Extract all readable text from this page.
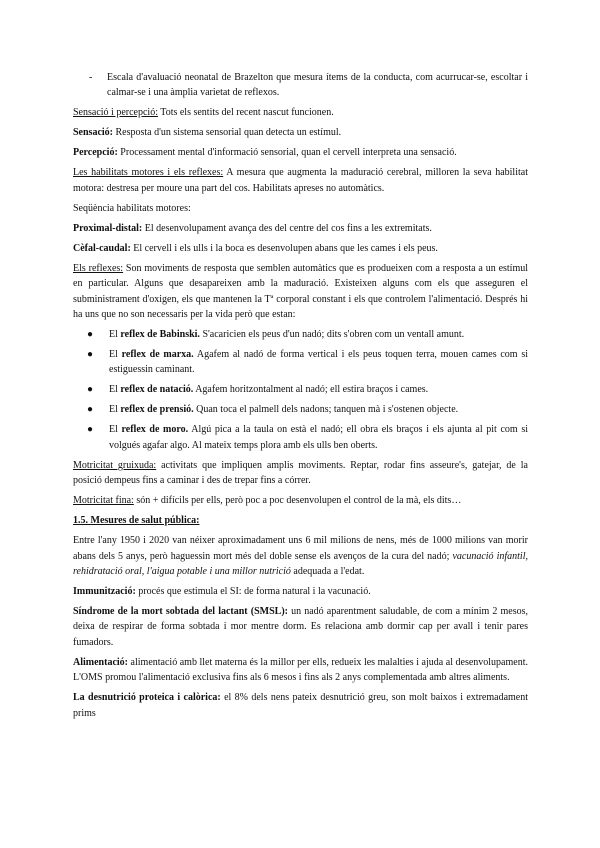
- Escala d'avaluació neonatal de Brazelton que mesura ítems de la conducta, com acurrucar-se, escoltar i calmar-se i una àmplia varietat de reflexos.

Sensació i percepció: Tots els sentits del recent nascut funcionen.

Sensació: Resposta d'un sistema sensorial quan detecta un estímul.

Percepció: Processament mental d'informació sensorial, quan el cervell interpreta una sensació.

Les habilitats motores i els reflexes: A mesura que augmenta la maduració cerebral, milloren la seva habilitat motora: destresa per moure una part del cos. Habilitats apreses no automàtics.

Seqüència habilitats motores:

Proximal-distal: El desenvolupament avança des del centre del cos fins a les extremitats.

Cèfal-caudal: El cervell i els ulls i la boca es desenvolupen abans que les cames i els peus.

Els reflexes: Son moviments de resposta que semblen automàtics que es produeixen com a resposta a un estímul en particular. Alguns que desapareixen amb la maduració. Existeixen alguns com els que asseguren el subministrament d'oxigen, els que mantenen la Tª corporal constant i els que controlem l'alimentació. Després hi ha uns que no son necessaris per la vida però que estan:

● El reflex de Babinski. S'acaricien els peus d'un nadó; dits s'obren com un ventall amunt.
● El reflex de marxa. Agafem al nadó de forma vertical i els peus toquen terra, mouen cames com si estiguessin caminant.
● El reflex de natació. Agafem horitzontalment al nadó; ell estira braços i cames.
● El reflex de prensió. Quan toca el palmell dels nadons; tanquen mà i s'ostenen objecte.
● El reflex de moro. Algú pica a la taula on està el nadó; ell obra els braços i els ajunta al pit com si volgués agafar algo. Al mateix temps plora amb els ulls ben oberts.

Motricitat gruixuda: activitats que impliquen amplis moviments. Reptar, rodar fins asseure's, gatejar, de la posició dempeus fins a caminar i des de trepar fins a córrer.

Motricitat fina: són + difícils per ells, però poc a poc desenvolupen el control de la mà, els dits…

1.5. Mesures de salut pública:

Entre l'any 1950 i 2020 van néixer aproximadament uns 6 mil milions de nens, més de 1000 milions van morir abans dels 5 anys, però haguessin mort més del doble sense els avenços de la cura del nadó; vacunació infantil, rehidratació oral, l'aigua potable i una millor nutrició adequada a l'edat.

Immunització: procés que estimula el SI: de forma natural i la vacunació.

Síndrome de la mort sobtada del lactant (SMSL): un nadó aparentment saludable, de com a mínim 2 mesos, deixa de respirar de forma sobtada i mor mentre dorm. Es relaciona amb dormir cap per avall i tenir pares fumadors.

Alimentació: alimentació amb llet materna és la millor per ells, redueix les malalties i ajuda al desenvolupament. L'OMS promou l'alimentació exclusiva fins als 6 mesos i fins als 2 anys complementada amb altres aliments.

La desnutrició proteica i calòrica: el 8% dels nens pateix desnutrició greu, son molt baixos i extremadament prims
